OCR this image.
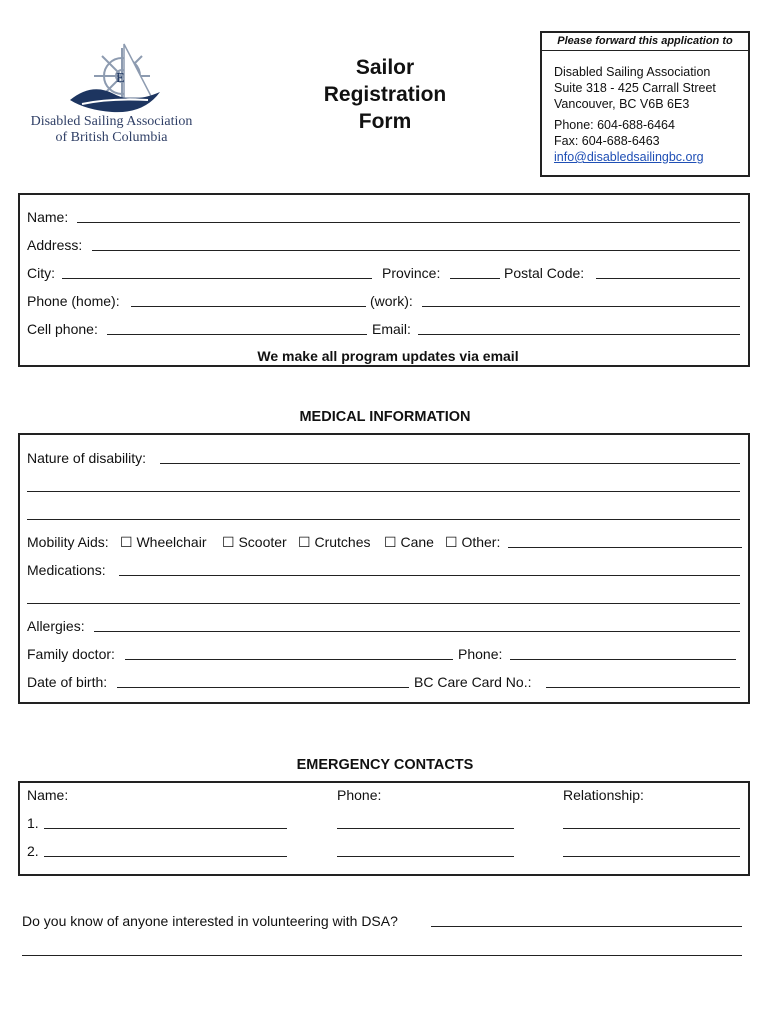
E
Disabled Sailing Association
of British Columbia
Sailor
Registration
Form
Please forward this application to
Disabled Sailing Association
Suite 318 - 425 Carrall Street
Vancouver, BC V6B 6E3
Phone: 604-688-6464
Fax: 604-688-6463
info@disabledsailingbc.org
Name:
Address:
City:	Province:	Postal Code:
Phone (home):	(work):
Cell phone:	Email:
We make all program updates via email
MEDICAL INFORMATION
Nature of disability:
Mobility Aids: ☐ Wheelchair ☐ Scooter ☐ Crutches ☐ Cane ☐ Other:
Medications:
Allergies:
Family doctor:	Phone:
Date of birth:	BC Care Card No.:
EMERGENCY CONTACTS
Name:	Phone:	Relationship:
1.
2.
Do you know of anyone interested in volunteering with DSA?
